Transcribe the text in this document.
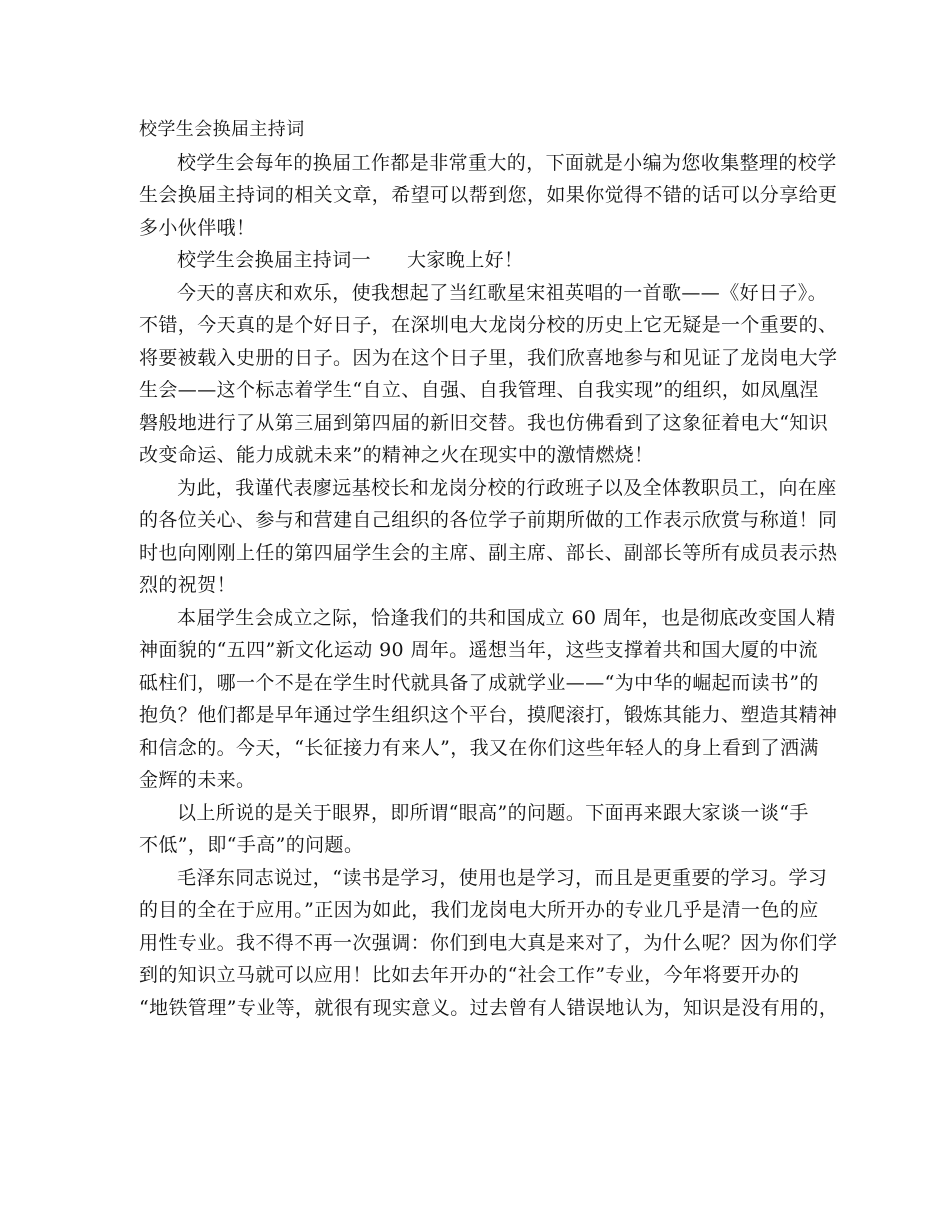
校学生会换届主持词
校学生会每年的换届工作都是非常重大的，下面就是小编为您收集整理的校学
生会换届主持词的相关文章，希望可以帮到您，如果你觉得不错的话可以分享给更
多小伙伴哦！
校学生会换届主持词一 大家晚上好！
今天的喜庆和欢乐，使我想起了当红歌星宋祖英唱的一首歌——《好日子》。
不错，今天真的是个好日子，在深圳电大龙岗分校的历史上它无疑是一个重要的、
将要被载入史册的日子。因为在这个日子里，我们欣喜地参与和见证了龙岗电大学
生会——这个标志着学生“自立、自强、自我管理、自我实现”的组织，如凤凰涅
磐般地进行了从第三届到第四届的新旧交替。我也仿佛看到了这象征着电大“知识
改变命运、能力成就未来”的精神之火在现实中的激情燃烧！
为此，我谨代表廖远基校长和龙岗分校的行政班子以及全体教职员工，向在座
的各位关心、参与和营建自己组织的各位学子前期所做的工作表示欣赏与称道！同
时也向刚刚上任的第四届学生会的主席、副主席、部长、副部长等所有成员表示热
烈的祝贺！
本届学生会成立之际，恰逢我们的共和国成立 60 周年，也是彻底改变国人精
神面貌的“五四”新文化运动 90 周年。遥想当年，这些支撑着共和国大厦的中流
砥柱们，哪一个不是在学生时代就具备了成就学业——“为中华的崛起而读书”的
抱负？他们都是早年通过学生组织这个平台，摸爬滚打，锻炼其能力、塑造其精神
和信念的。今天，“长征接力有来人”，我又在你们这些年轻人的身上看到了洒满
金辉的未来。
以上所说的是关于眼界，即所谓“眼高”的问题。下面再来跟大家谈一谈“手
不低”，即“手高”的问题。
毛泽东同志说过，“读书是学习，使用也是学习，而且是更重要的学习。学习
的目的全在于应用。”正因为如此，我们龙岗电大所开办的专业几乎是清一色的应
用性专业。我不得不再一次强调：你们到电大真是来对了，为什么呢？因为你们学
到的知识立马就可以应用！比如去年开办的“社会工作”专业，今年将要开办的
“地铁管理”专业等，就很有现实意义。过去曾有人错误地认为，知识是没有用的，
